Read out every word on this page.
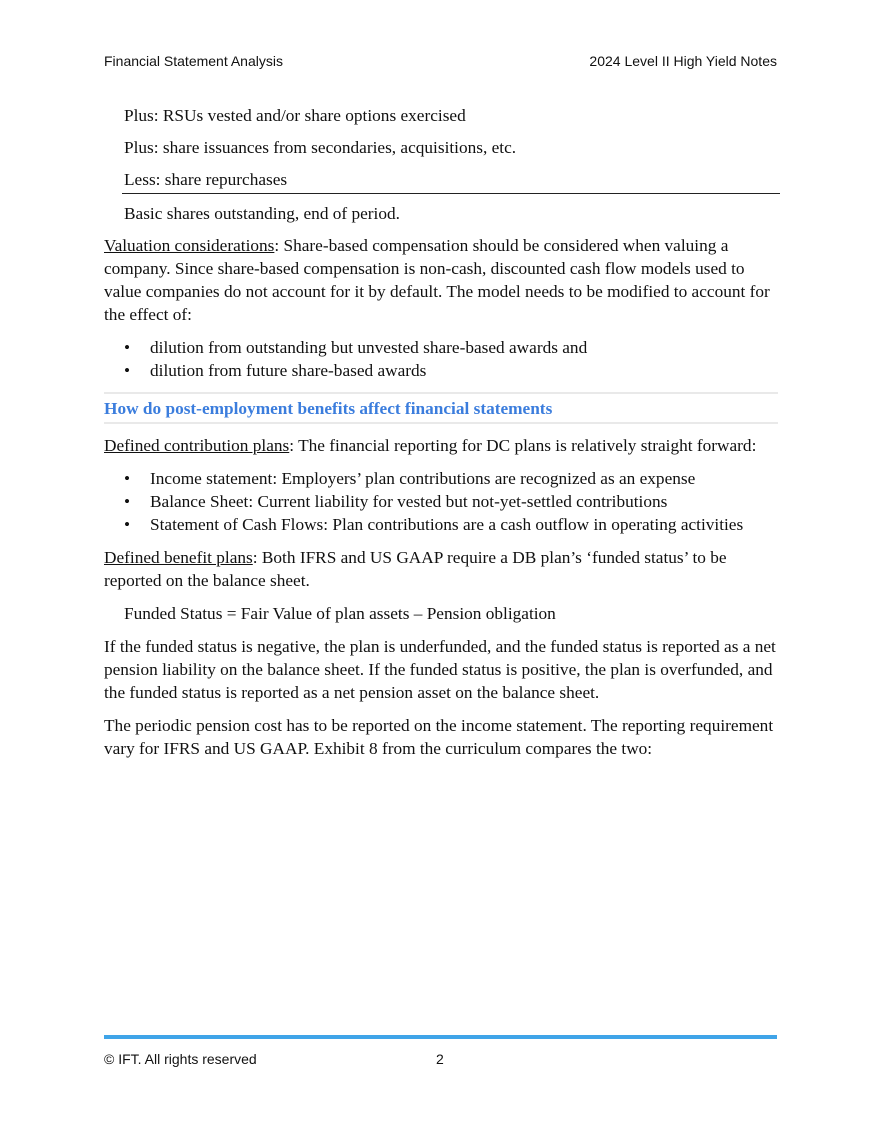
Financial Statement Analysis	2024 Level II High Yield Notes

Plus: RSUs vested and/or share options exercised

Plus: share issuances from secondaries, acquisitions, etc.

Less: share repurchases

Basic shares outstanding, end of period.

Valuation considerations: Share-based compensation should be considered when valuing a company. Since share-based compensation is non-cash, discounted cash flow models used to value companies do not account for it by default. The model needs to be modified to account for the effect of:

• dilution from outstanding but unvested share-based awards and
• dilution from future share-based awards
How do post-employment benefits affect financial statements

Defined contribution plans: The financial reporting for DC plans is relatively straight forward:

• Income statement: Employers’ plan contributions are recognized as an expense
• Balance Sheet: Current liability for vested but not-yet-settled contributions
• Statement of Cash Flows: Plan contributions are a cash outflow in operating activities

Defined benefit plans: Both IFRS and US GAAP require a DB plan’s ‘funded status’ to be reported on the balance sheet.

Funded Status = Fair Value of plan assets – Pension obligation

If the funded status is negative, the plan is underfunded, and the funded status is reported as a net pension liability on the balance sheet. If the funded status is positive, the plan is overfunded, and the funded status is reported as a net pension asset on the balance sheet.

The periodic pension cost has to be reported on the income statement. The reporting requirement vary for IFRS and US GAAP. Exhibit 8 from the curriculum compares the two:

© IFT. All rights reserved	2
